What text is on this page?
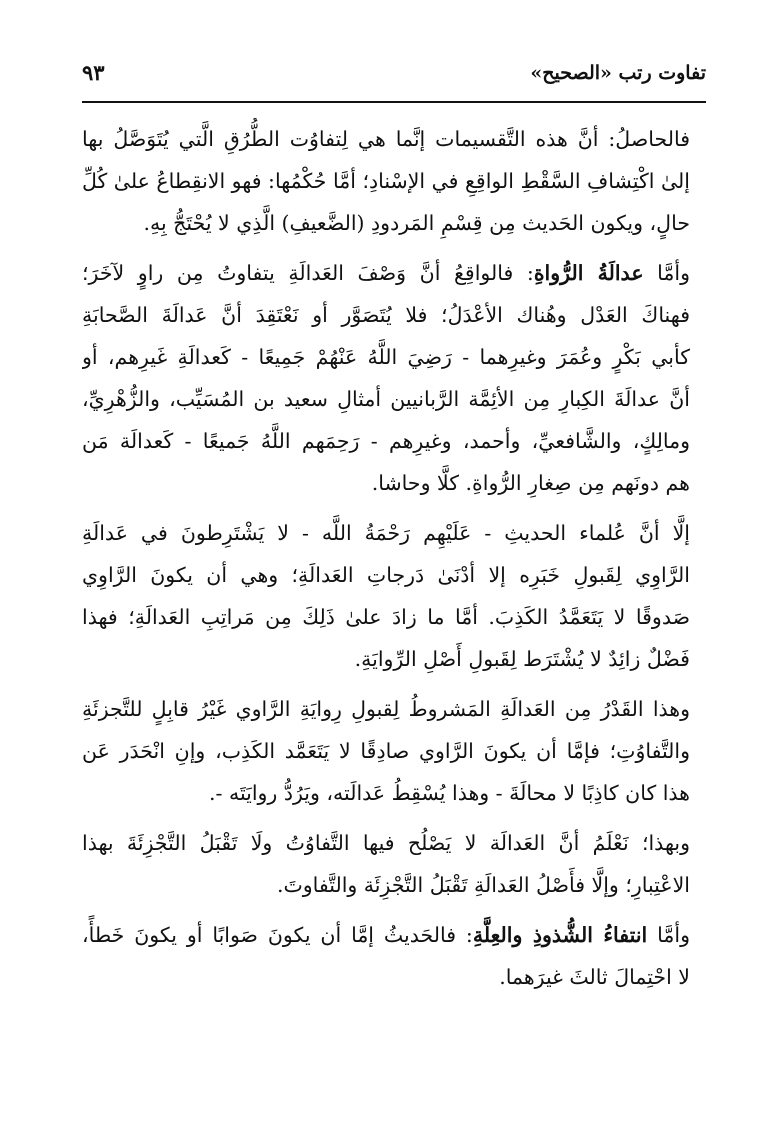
تفاوت رتب «الصحيح»
٩٣

فالحاصلُ: أنَّ هذه التَّقسيمات إنَّما هي لِتفاوُت الطُّرُقِ الَّتي يُتَوَصَّلُ بها
إلىٰ اكْتِشافِ السَّقْطِ الواقِعِ في الإسْنادِ؛ أمَّا حُكْمُها: فهو الانقِطاعُ علىٰ كُلِّ
حالٍ، ويكون الحَديث مِن قِسْمِ المَردودِ (الضَّعيفِ) الَّذِي لا يُحْتَجُّ بِهِ.

وأمَّا عدالَةُ الرُّواةِ: فالواقِعُ أنَّ وَصْفَ العَدالَةِ يتفاوتُ مِن راوٍ لآخَرَ؛
فهناكَ العَدْل وهُناك الأعْدَلُ؛ فلا يُتَصَوَّر أو نَعْتَقِدَ أنَّ عَدالَةَ الصَّحابَةِ
كأبي بَكْرٍ وعُمَرَ وغيرِهما - رَضِيَ اللَّهُ عَنْهُمْ جَمِيعًا - كَعدالَةِ غَيرِهم، أو
أنَّ عدالَةَ الكِبارِ مِن الأئِمَّة الرَّبانيين أمثالِ سعيد بن المُسَيِّب، والزُّهْرِيِّ،
ومالِكٍ، والشَّافعيِّ، وأحمد، وغيرِهم - رَحِمَهم اللَّهُ جَميعًا - كَعدالَة مَن
هم دونَهم مِن صِغارِ الرُّواةِ. كلَّا وحاشا.

إلَّا أنَّ عُلماء الحديثِ - عَلَيْهِم رَحْمَةُ اللَّه - لا يَشْتَرِطونَ في عَدالَةِ
الرَّاوِي لِقَبولِ خَبَرِه إلا أدْنَىٰ دَرجاتِ العَدالَةِ؛ وهي أن يكونَ الرَّاوِي
صَدوقًا لا يَتَعَمَّدُ الكَذِبَ. أمَّا ما زادَ علىٰ ذَلِكَ مِن مَراتِبِ العَدالَةِ؛ فهذا
فَضْلٌ زائِدٌ لا يُشْتَرَط لِقَبولِ أَصْلِ الرِّوايَةِ.

وهذا القَدْرُ مِن العَدالَةِ المَشروطُ لِقبولِ رِوايَةِ الرَّاوي غَيْرُ قابِلٍ للتَّجزئَةِ
والتَّفاوُتِ؛ فإمَّا أن يكونَ الرَّاوي صادِقًا لا يَتَعَمَّد الكَذِب، وإنِ انْحَدَر عَن
هذا كان كاذِبًا لا محالَةَ - وهذا يُسْقِطُ عَدالَته، ويَرُدُّ روايَتَه -.

وبهذا؛ نَعْلَمُ أنَّ العَدالَة لا يَصْلُح فيها التَّفاوُتُ ولَا تَقْبَلُ التَّجْزِئَةَ بهذا
الاعْتِبارِ؛ وإلَّا فأَصْلُ العَدالَةِ تَقْبَلُ التَّجْزِئَة والتَّفاوتَ.

وأمَّا انتفاءُ الشُّذوذِ والعِلَّةِ: فالحَديثُ إمَّا أن يكونَ صَوابًا أو يكونَ خَطأً،
لا احْتِمالَ ثالثَ غيرَهما.
